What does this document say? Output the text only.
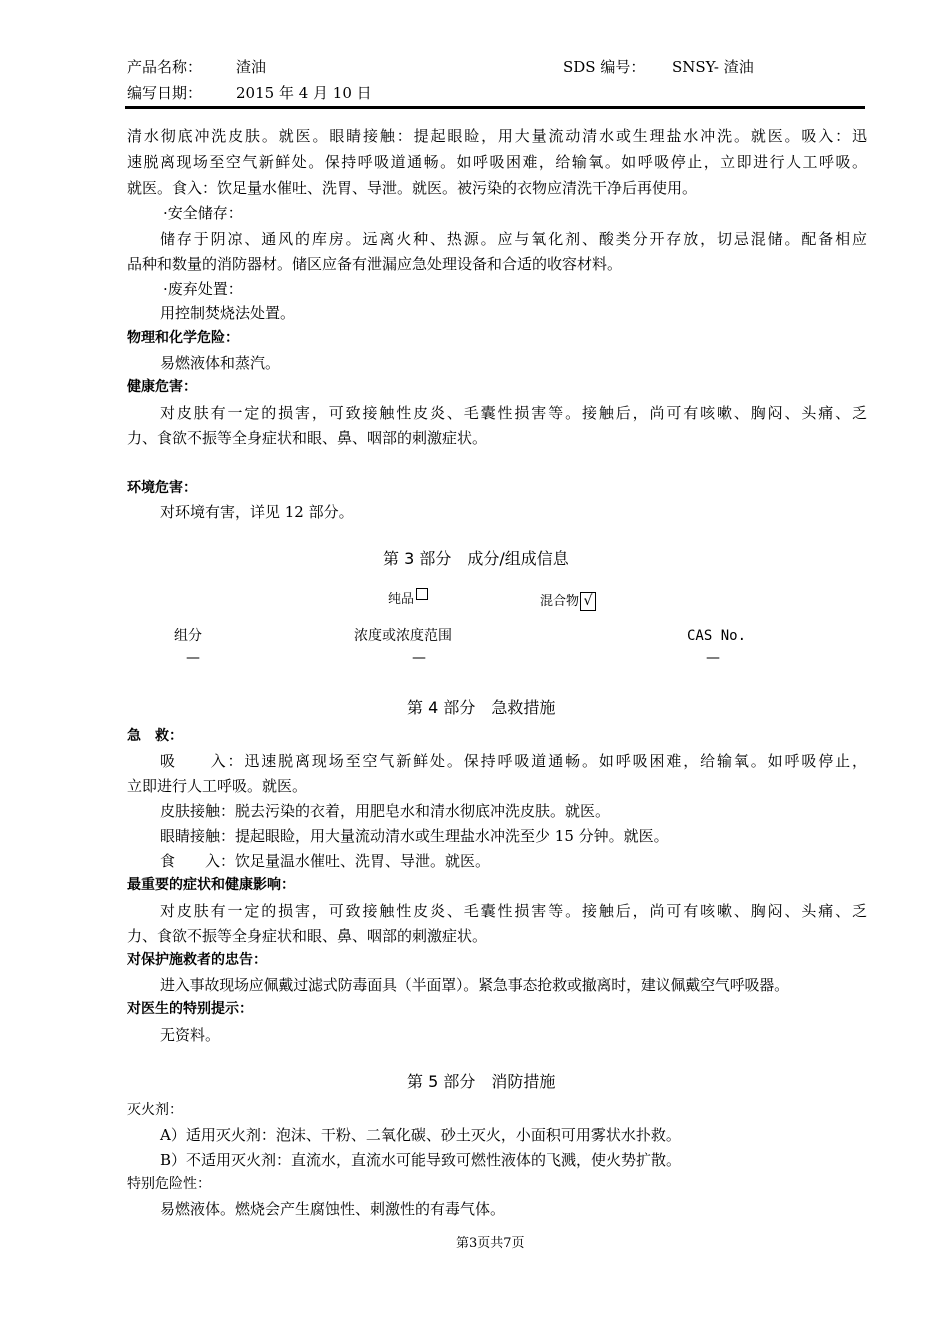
产品名称： 渣油	SDS 编号： SNSY- 渣油
编写日期： 2015 年 4 月 10 日
清水彻底冲洗皮肤。就医。眼睛接触：提起眼睑，用大量流动清水或生理盐水冲洗。就医。吸入：迅
速脱离现场至空气新鲜处。保持呼吸道通畅。如呼吸困难，给输氧。如呼吸停止，立即进行人工呼吸。
就医。食入：饮足量水催吐、洗胃、导泄。就医。被污染的衣物应清洗干净后再使用。
·安全储存：
储存于阴凉、通风的库房。远离火种、热源。应与氧化剂、酸类分开存放，切忌混储。配备相应
品种和数量的消防器材。储区应备有泄漏应急处理设备和合适的收容材料。
·废弃处置：
用控制焚烧法处置。
物理和化学危险：
易燃液体和蒸汽。
健康危害：
对皮肤有一定的损害，可致接触性皮炎、毛囊性损害等。接触后，尚可有咳嗽、胸闷、头痛、乏
力、食欲不振等全身症状和眼、鼻、咽部的刺激症状。
环境危害：
对环境有害，详见 12 部分。
第 3 部分　成分/组成信息
纯品	混合物 √
组分	浓度或浓度范围	CAS No.
—	—	—
第 4 部分　急救措施
急　救：
吸　　入：迅速脱离现场至空气新鲜处。保持呼吸道通畅。如呼吸困难，给输氧。如呼吸停止，
立即进行人工呼吸。就医。
皮肤接触：脱去污染的衣着，用肥皂水和清水彻底冲洗皮肤。就医。
眼睛接触：提起眼睑，用大量流动清水或生理盐水冲洗至少 15 分钟。就医。
食　　入：饮足量温水催吐、洗胃、导泄。就医。
最重要的症状和健康影响：
对皮肤有一定的损害，可致接触性皮炎、毛囊性损害等。接触后，尚可有咳嗽、胸闷、头痛、乏
力、食欲不振等全身症状和眼、鼻、咽部的刺激症状。
对保护施救者的忠告：
进入事故现场应佩戴过滤式防毒面具（半面罩）。紧急事态抢救或撤离时，建议佩戴空气呼吸器。
对医生的特别提示：
无资料。
第 5 部分　消防措施
灭火剂：
A）适用灭火剂：泡沫、干粉、二氧化碳、砂土灭火，小面积可用雾状水扑救。
B）不适用灭火剂：直流水，直流水可能导致可燃性液体的飞溅，使火势扩散。
特别危险性：
易燃液体。燃烧会产生腐蚀性、刺激性的有毒气体。
第3页共7页
